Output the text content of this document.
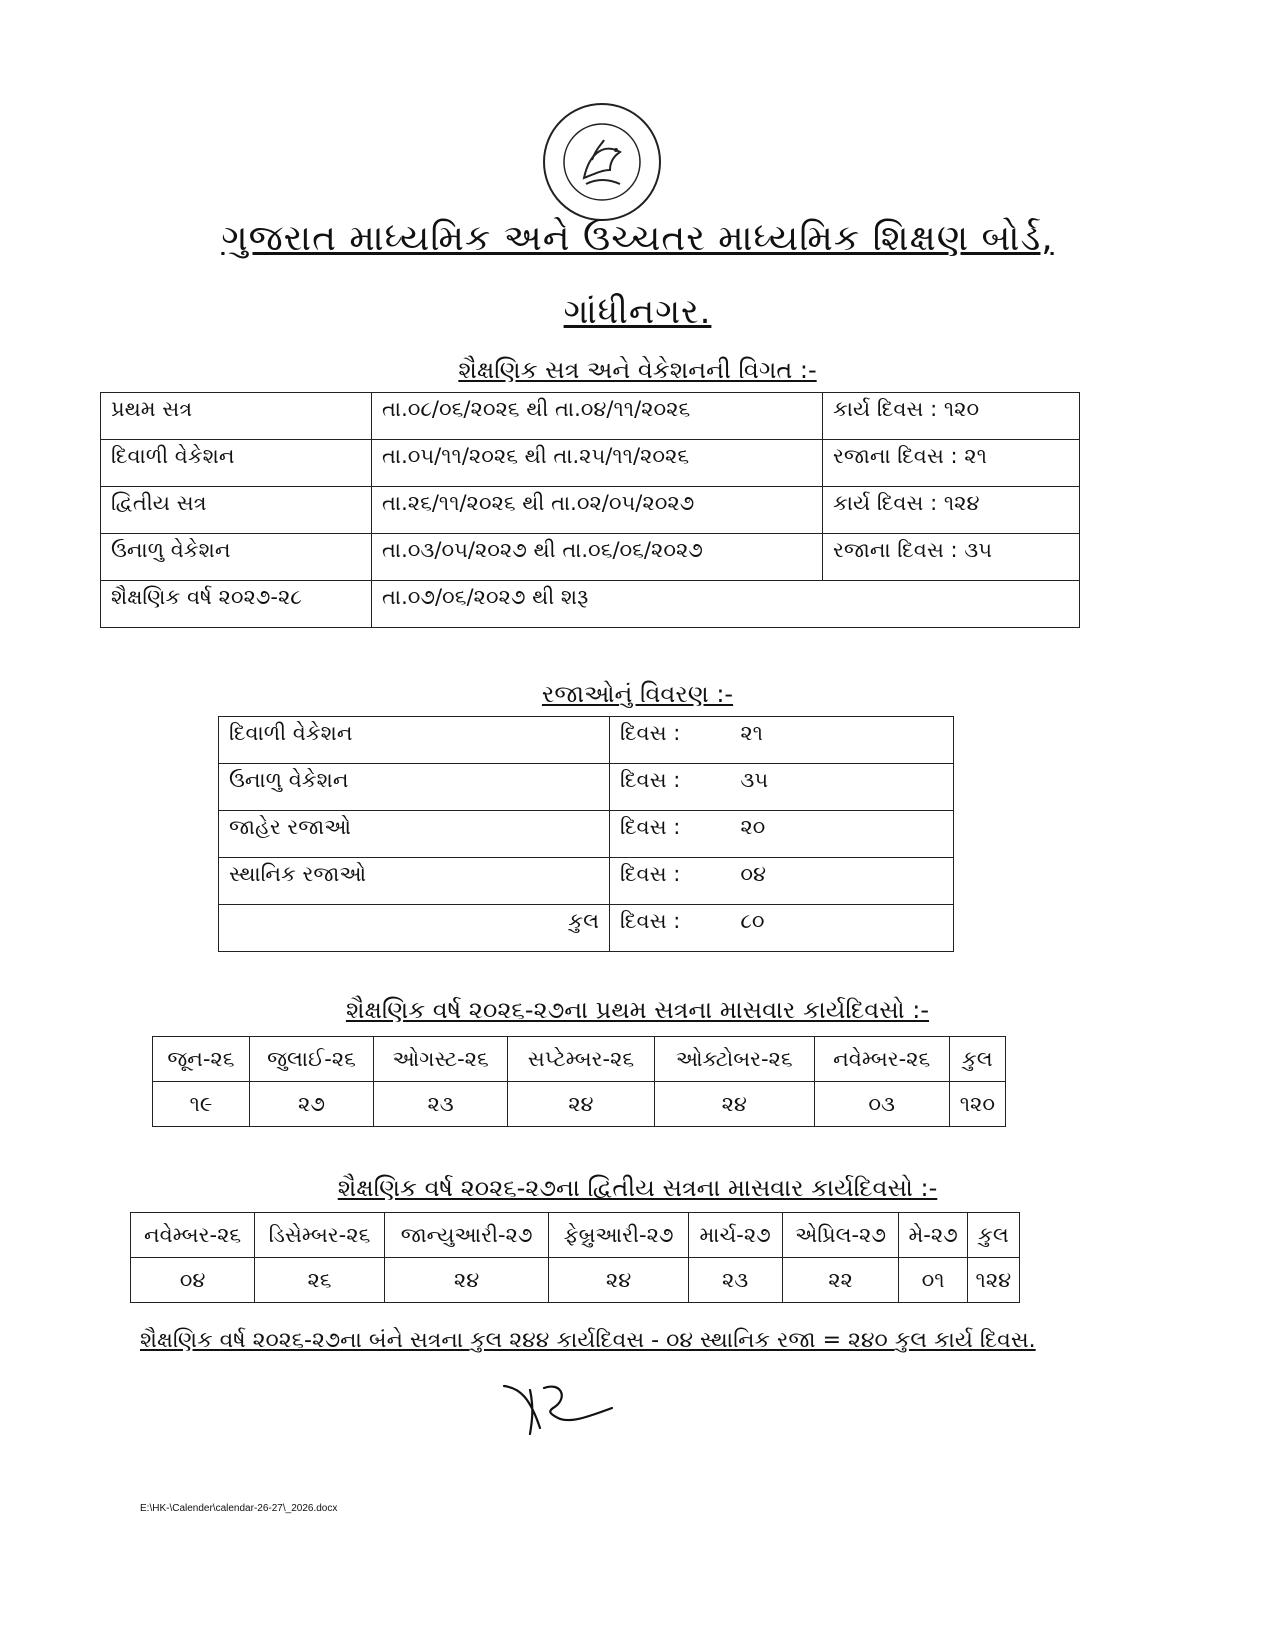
ગુજરાત માધ્યમિક અને ઉચ્ચતર માધ્યમિક શિક્ષણ બોર્ડ,
ગાંધીનગર.
શૈક્ષણિક સત્ર અને વેકેશનની વિગત :-
પ્રથમ સત્ર	તા.૦૮/૦૬/૨૦૨૬ થી તા.૦૪/૧૧/૨૦૨૬	કાર્ય દિવસ : ૧૨૦
દિવાળી વેકેશન	તા.૦૫/૧૧/૨૦૨૬ થી તા.૨૫/૧૧/૨૦૨૬	રજાના દિવસ : ૨૧
દ્વિતીય સત્ર	તા.૨૬/૧૧/૨૦૨૬ થી તા.૦૨/૦૫/૨૦૨૭	કાર્ય દિવસ : ૧૨૪
ઉનાળુ વેકેશન	તા.૦૩/૦૫/૨૦૨૭ થી તા.૦૬/૦૬/૨૦૨૭	રજાના દિવસ : ૩૫
શૈક્ષણિક વર્ષ ૨૦૨૭-૨૮	તા.૦૭/૦૬/૨૦૨૭ થી શરૂ	
રજાઓનું વિવરણ :-
દિવાળી વેકેશન	દિવસ : ૨૧
ઉનાળુ વેકેશન	દિવસ : ૩૫
જાહેર રજાઓ	દિવસ : ૨૦
સ્થાનિક રજાઓ	દિવસ : ૦૪
કુલ	દિવસ : ૮૦
શૈક્ષણિક વર્ષ ૨૦૨૬-૨૭ના પ્રથમ સત્રના માસવાર કાર્યદિવસો :-
જૂન-૨૬	જુલાઈ-૨૬	ઓગસ્ટ-૨૬	સપ્ટેમ્બર-૨૬	ઓક્ટોબર-૨૬	નવેમ્બર-૨૬	કુલ
૧૯	૨૭	૨૩	૨૪	૨૪	૦૩	૧૨૦
શૈક્ષણિક વર્ષ ૨૦૨૬-૨૭ના દ્વિતીય સત્રના માસવાર કાર્યદિવસો :-
નવેમ્બર-૨૬	ડિસેમ્બર-૨૬	જાન્યુઆરી-૨૭	ફેબ્રુઆરી-૨૭	માર્ચ-૨૭	એપ્રિલ-૨૭	મે-૨૭	કુલ
૦૪	૨૬	૨૪	૨૪	૨૩	૨૨	૦૧	૧૨૪
શૈક્ષણિક વર્ષ ૨૦૨૬-૨૭ના બંને સત્રના કુલ ૨૪૪ કાર્યદિવસ - ૦૪ સ્થાનિક રજા = ૨૪૦ કુલ કાર્ય દિવસ.
E:\HK-\Calender\calendar-26-27\_2026.docx
